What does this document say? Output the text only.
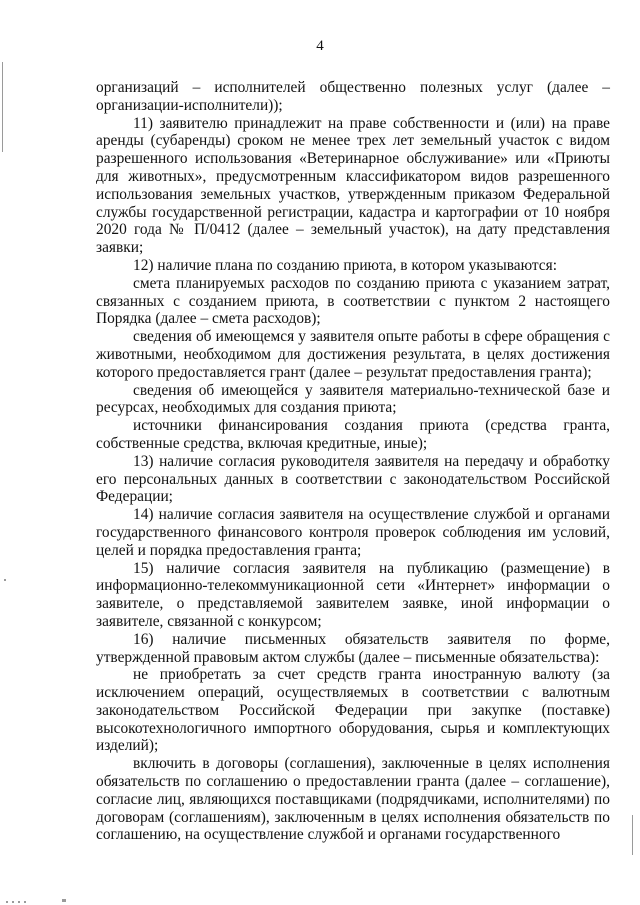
4

организаций – исполнителей общественно полезных услуг (далее – организации-исполнители));

11) заявителю принадлежит на праве собственности и (или) на праве аренды (субаренды) сроком не менее трех лет земельный участок с видом разрешенного использования «Ветеринарное обслуживание» или «Приюты для животных», предусмотренным классификатором видов разрешенного использования земельных участков, утвержденным приказом Федеральной службы государственной регистрации, кадастра и картографии от 10 ноября 2020 года № П/0412 (далее – земельный участок), на дату представления заявки;

12) наличие плана по созданию приюта, в котором указываются:

смета планируемых расходов по созданию приюта с указанием затрат, связанных с созданием приюта, в соответствии с пунктом 2 настоящего Порядка (далее – смета расходов);

сведения об имеющемся у заявителя опыте работы в сфере обращения с животными, необходимом для достижения результата, в целях достижения которого предоставляется грант (далее – результат предоставления гранта);

сведения об имеющейся у заявителя материально-технической базе и ресурсах, необходимых для создания приюта;

источники финансирования создания приюта (средства гранта, собственные средства, включая кредитные, иные);

13) наличие согласия руководителя заявителя на передачу и обработку его персональных данных в соответствии с законодательством Российской Федерации;

14) наличие согласия заявителя на осуществление службой и органами государственного финансового контроля проверок соблюдения им условий, целей и порядка предоставления гранта;

15) наличие согласия заявителя на публикацию (размещение) в информационно-телекоммуникационной сети «Интернет» информации о заявителе, о представляемой заявителем заявке, иной информации о заявителе, связанной с конкурсом;

16) наличие письменных обязательств заявителя по форме, утвержденной правовым актом службы (далее – письменные обязательства):

не приобретать за счет средств гранта иностранную валюту (за исключением операций, осуществляемых в соответствии с валютным законодательством Российской Федерации при закупке (поставке) высокотехнологичного импортного оборудования, сырья и комплектующих изделий);

включить в договоры (соглашения), заключенные в целях исполнения обязательств по соглашению о предоставлении гранта (далее – соглашение), согласие лиц, являющихся поставщиками (подрядчиками, исполнителями) по договорам (соглашениям), заключенным в целях исполнения обязательств по соглашению, на осуществление службой и органами государственного
